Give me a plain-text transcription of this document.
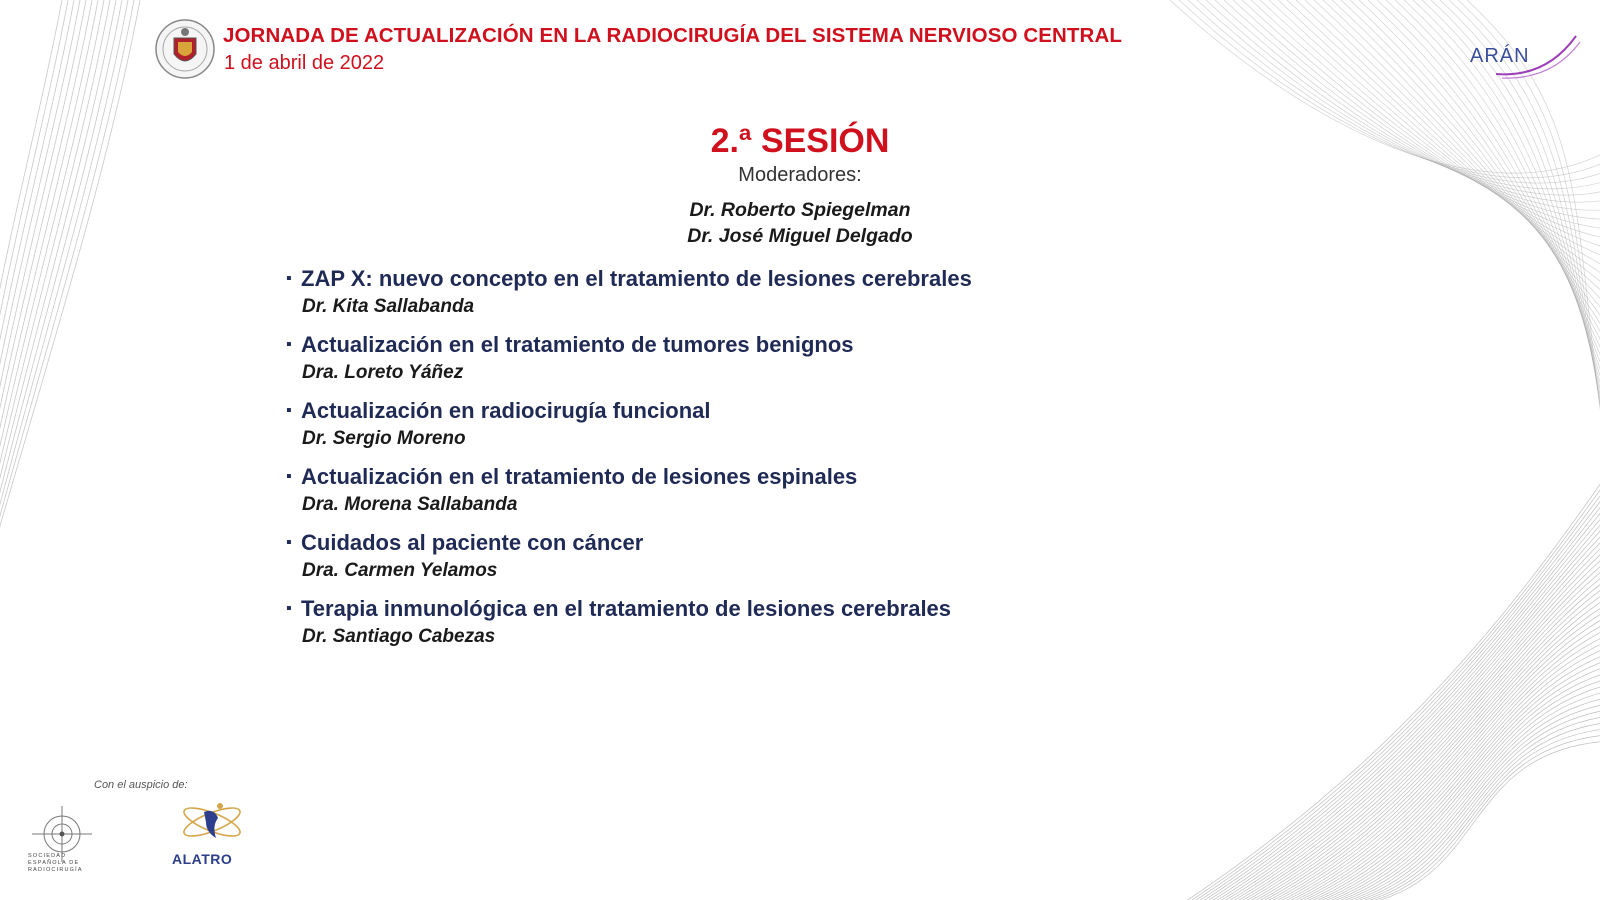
JORNADA DE ACTUALIZACIÓN EN LA RADIOCIRUGÍA DEL SISTEMA NERVIOSO CENTRAL
1 de abril de 2022	ARÁN
2.ª SESIÓN
Moderadores:
Dr. Roberto Spiegelman
Dr. José Miguel Delgado
▪ ZAP X: nuevo concepto en el tratamiento de lesiones cerebrales
Dr. Kita Sallabanda
▪ Actualización en el tratamiento de tumores benignos
Dra. Loreto Yáñez
▪ Actualización en radiocirugía funcional
Dr. Sergio Moreno
▪ Actualización en el tratamiento de lesiones espinales
Dra. Morena Sallabanda
▪ Cuidados al paciente con cáncer
Dra. Carmen Yelamos
▪ Terapia inmunológica en el tratamiento de lesiones cerebrales
Dr. Santiago Cabezas
Con el auspicio de:
SOCIEDAD ESPAÑOLA DE RADIOCIRUGÍA
ALATRO
